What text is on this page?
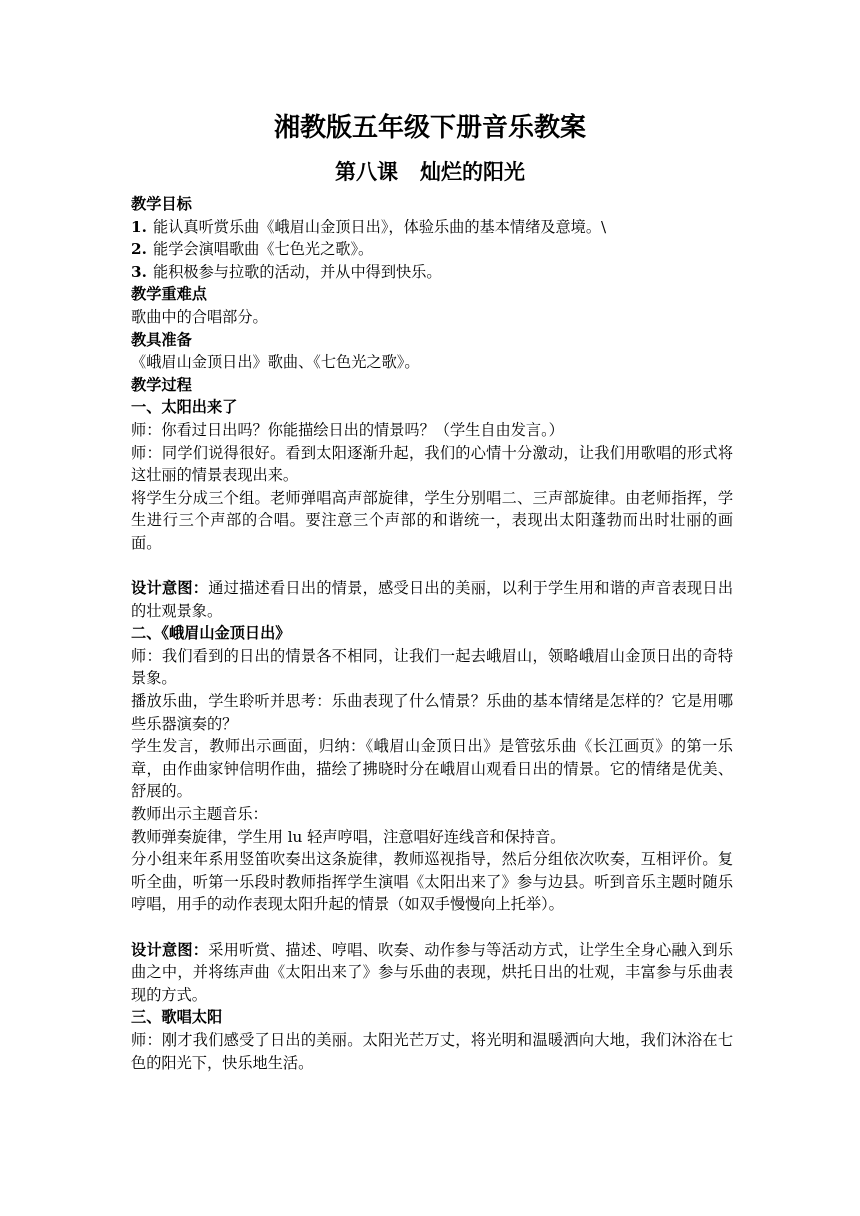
湘教版五年级下册音乐教案
第八课 灿烂的阳光

教学目标

1. 能认真听赏乐曲《峨眉山金顶日出》，体验乐曲的基本情绪及意境。\

2. 能学会演唱歌曲《七色光之歌》。

3. 能积极参与拉歌的活动，并从中得到快乐。

教学重难点

歌曲中的合唱部分。

教具准备

《峨眉山金顶日出》歌曲、《七色光之歌》。

教学过程

一、太阳出来了

师：你看过日出吗？你能描绘日出的情景吗？（学生自由发言。）

师：同学们说得很好。看到太阳逐渐升起，我们的心情十分激动，让我们用歌唱的形式将这壮丽的情景表现出来。

将学生分成三个组。老师弹唱高声部旋律，学生分别唱二、三声部旋律。由老师指挥，学生进行三个声部的合唱。要注意三个声部的和谐统一，表现出太阳蓬勃而出时壮丽的画面。

设计意图：通过描述看日出的情景，感受日出的美丽，以利于学生用和谐的声音表现日出的壮观景象。

二、《峨眉山金顶日出》

师：我们看到的日出的情景各不相同，让我们一起去峨眉山，领略峨眉山金顶日出的奇特景象。

播放乐曲，学生聆听并思考：乐曲表现了什么情景？乐曲的基本情绪是怎样的？它是用哪些乐器演奏的？

学生发言，教师出示画面，归纳：《峨眉山金顶日出》是管弦乐曲《长江画页》的第一乐章，由作曲家钟信明作曲，描绘了拂晓时分在峨眉山观看日出的情景。它的情绪是优美、舒展的。

教师出示主题音乐：

教师弹奏旋律，学生用 lu 轻声哼唱，注意唱好连线音和保持音。

分小组来年系用竖笛吹奏出这条旋律，教师巡视指导，然后分组依次吹奏，互相评价。复听全曲，听第一乐段时教师指挥学生演唱《太阳出来了》参与边县。听到音乐主题时随乐哼唱，用手的动作表现太阳升起的情景（如双手慢慢向上托举）。

设计意图：采用听赏、描述、哼唱、吹奏、动作参与等活动方式，让学生全身心融入到乐曲之中，并将练声曲《太阳出来了》参与乐曲的表现，烘托日出的壮观，丰富参与乐曲表现的方式。

三、歌唱太阳

师：刚才我们感受了日出的美丽。太阳光芒万丈，将光明和温暖洒向大地，我们沐浴在七色的阳光下，快乐地生活。
